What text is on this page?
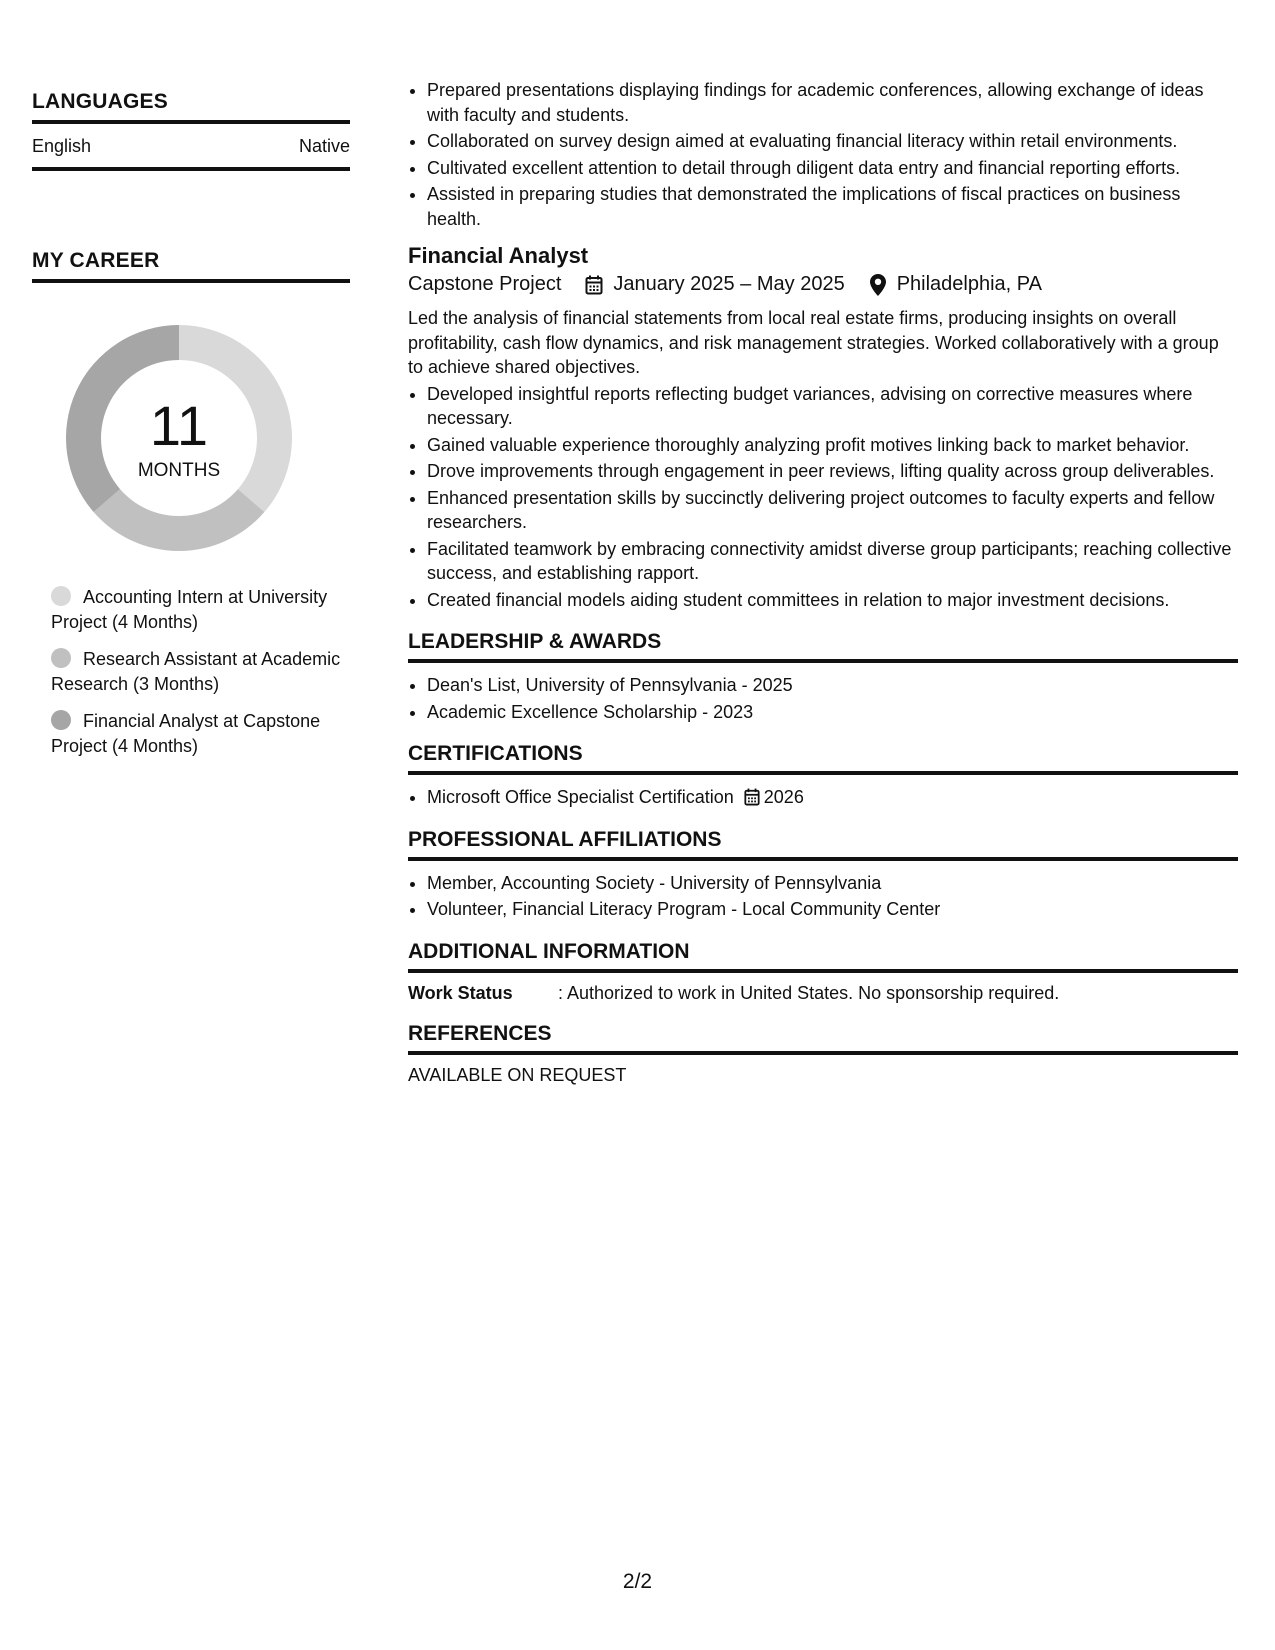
LANGUAGES
English	Native
MY CAREER
11
MONTHS
Accounting Intern at University Project (4 Months)
Research Assistant at Academic Research (3 Months)
Financial Analyst at Capstone Project (4 Months)
• Prepared presentations displaying findings for academic conferences, allowing exchange of ideas with faculty and students.
• Collaborated on survey design aimed at evaluating financial literacy within retail environments.
• Cultivated excellent attention to detail through diligent data entry and financial reporting efforts.
• Assisted in preparing studies that demonstrated the implications of fiscal practices on business health.
Financial Analyst
Capstone Project	January 2025 – May 2025	Philadelphia, PA

Led the analysis of financial statements from local real estate firms, producing insights on overall profitability, cash flow dynamics, and risk management strategies. Worked collaboratively with a group to achieve shared objectives.

• Developed insightful reports reflecting budget variances, advising on corrective measures where necessary.
• Gained valuable experience thoroughly analyzing profit motives linking back to market behavior.
• Drove improvements through engagement in peer reviews, lifting quality across group deliverables.
• Enhanced presentation skills by succinctly delivering project outcomes to faculty experts and fellow researchers.
• Facilitated teamwork by embracing connectivity amidst diverse group participants; reaching collective success, and establishing rapport.
• Created financial models aiding student committees in relation to major investment decisions.
LEADERSHIP & AWARDS
• Dean's List, University of Pennsylvania - 2025
• Academic Excellence Scholarship - 2023
CERTIFICATIONS
• Microsoft Office Specialist Certification 2026
PROFESSIONAL AFFILIATIONS
• Member, Accounting Society - University of Pennsylvania
• Volunteer, Financial Literacy Program - Local Community Center
ADDITIONAL INFORMATION
Work Status	: Authorized to work in United States. No sponsorship required.
REFERENCES
AVAILABLE ON REQUEST
2/2
